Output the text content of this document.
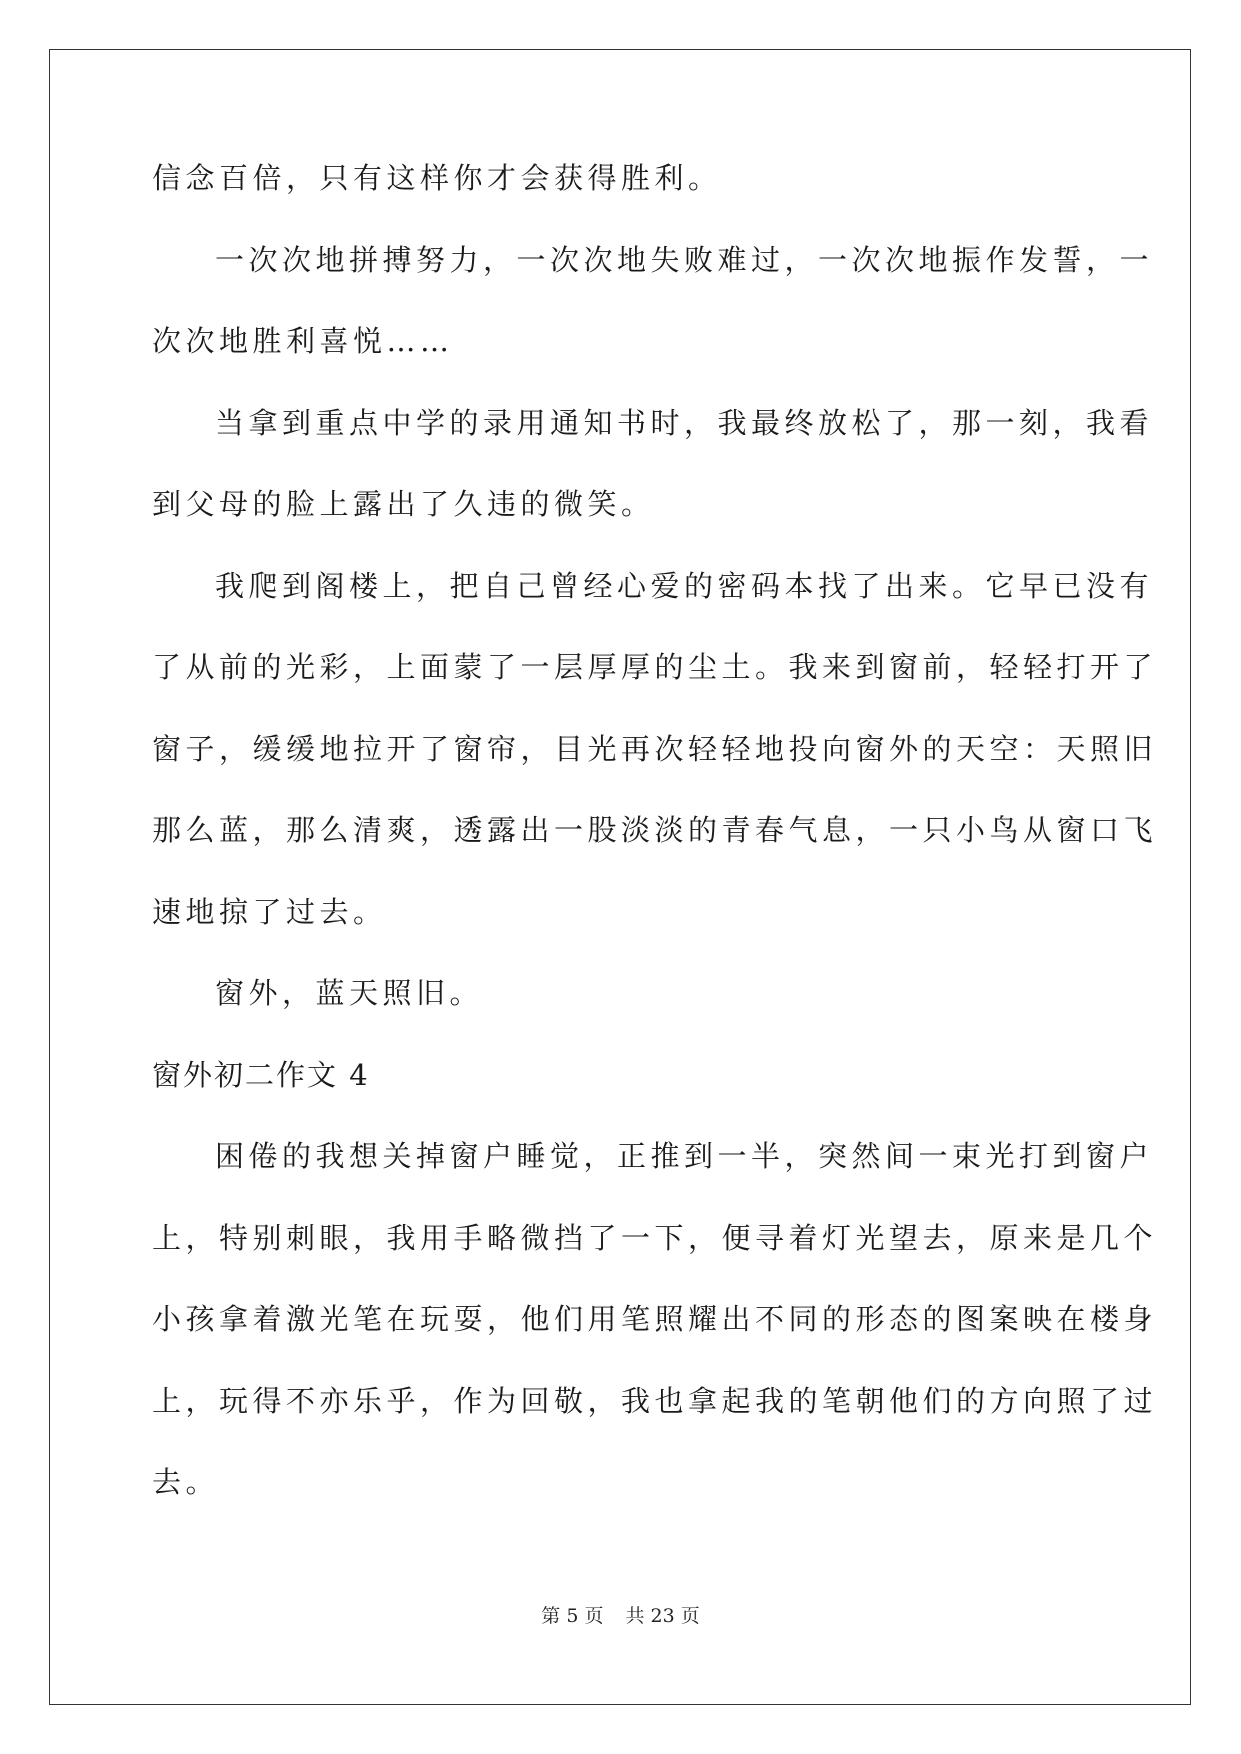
信念百倍，只有这样你才会获得胜利。
一次次地拼搏努力，一次次地失败难过，一次次地振作发誓，一
次次地胜利喜悦……
当拿到重点中学的录用通知书时，我最终放松了，那一刻，我看
到父母的脸上露出了久违的微笑。
我爬到阁楼上，把自己曾经心爱的密码本找了出来。它早已没有
了从前的光彩，上面蒙了一层厚厚的尘土。我来到窗前，轻轻打开了
窗子，缓缓地拉开了窗帘，目光再次轻轻地投向窗外的天空：天照旧
那么蓝，那么清爽，透露出一股淡淡的青春气息，一只小鸟从窗口飞
速地掠了过去。
窗外，蓝天照旧。
窗外初二作文 4
困倦的我想关掉窗户睡觉，正推到一半，突然间一束光打到窗户
上，特别刺眼，我用手略微挡了一下，便寻着灯光望去，原来是几个
小孩拿着激光笔在玩耍，他们用笔照耀出不同的形态的图案映在楼身
上，玩得不亦乐乎，作为回敬，我也拿起我的笔朝他们的方向照了过
去。
第 5 页 共 23 页
